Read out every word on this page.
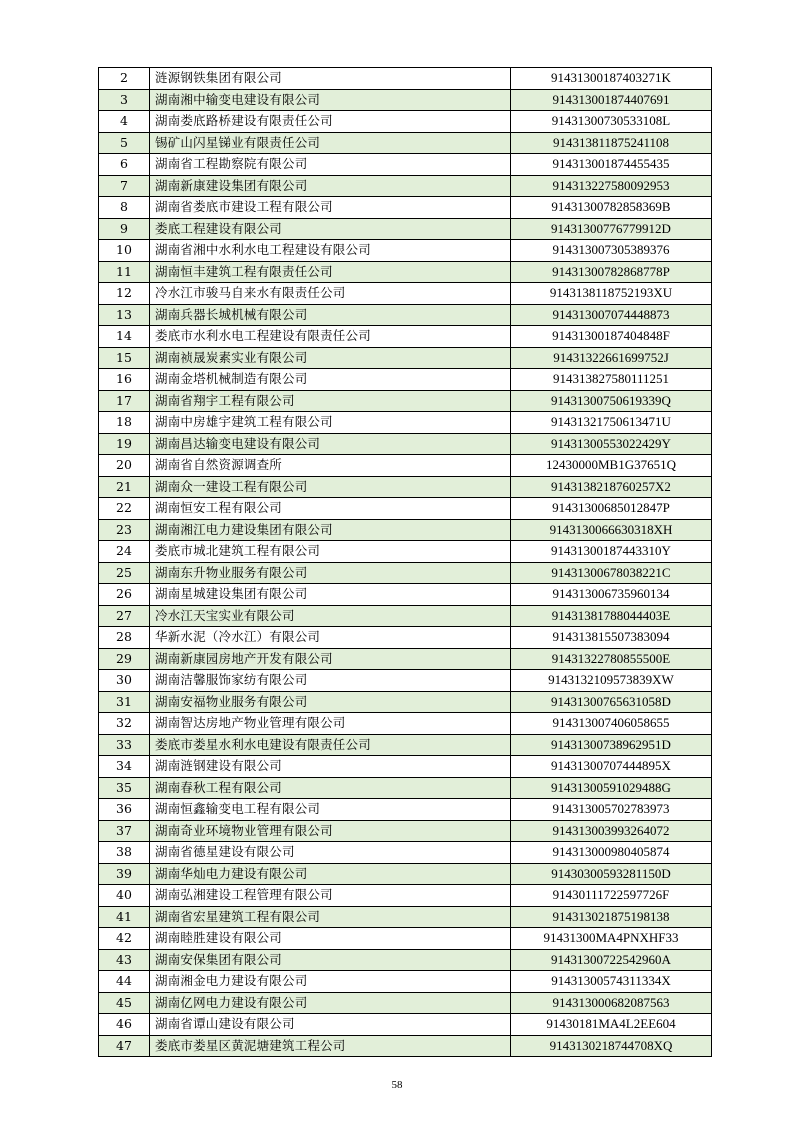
2	涟源钢铁集团有限公司	91431300187403271K
3	湖南湘中输变电建设有限公司	914313001874407691
4	湖南娄底路桥建设有限责任公司	91431300730533108L
5	锡矿山闪星锑业有限责任公司	914313811875241108
6	湖南省工程勘察院有限公司	914313001874455435
7	湖南新康建设集团有限公司	914313227580092953
8	湖南省娄底市建设工程有限公司	91431300782858369B
9	娄底工程建设有限公司	91431300776779912D
10	湖南省湘中水利水电工程建设有限公司	914313007305389376
11	湖南恒丰建筑工程有限责任公司	91431300782868778P
12	冷水江市骏马自来水有限责任公司	9143138118752193XU
13	湖南兵器长城机械有限公司	914313007074448873
14	娄底市水利水电工程建设有限责任公司	91431300187404848F
15	湖南祯晟炭素实业有限公司	91431322661699752J
16	湖南金塔机械制造有限公司	914313827580111251
17	湖南省翔宇工程有限公司	91431300750619339Q
18	湖南中房雄宇建筑工程有限公司	91431321750613471U
19	湖南昌达输变电建设有限公司	91431300553022429Y
20	湖南省自然资源调查所	12430000MB1G37651Q
21	湖南众一建设工程有限公司	9143138218760257X2
22	湖南恒安工程有限公司	91431300685012847P
23	湖南湘江电力建设集团有限公司	9143130066630318XH
24	娄底市城北建筑工程有限公司	91431300187443310Y
25	湖南东升物业服务有限公司	91431300678038221C
26	湖南星城建设集团有限公司	914313006735960134
27	冷水江天宝实业有限公司	91431381788044403E
28	华新水泥（冷水江）有限公司	914313815507383094
29	湖南新康园房地产开发有限公司	91431322780855500E
30	湖南洁馨服饰家纺有限公司	9143132109573839XW
31	湖南安福物业服务有限公司	91431300765631058D
32	湖南智达房地产物业管理有限公司	914313007406058655
33	娄底市娄星水利水电建设有限责任公司	91431300738962951D
34	湖南涟钢建设有限公司	91431300707444895X
35	湖南春秋工程有限公司	91431300591029488G
36	湖南恒鑫输变电工程有限公司	914313005702783973
37	湖南奇业环境物业管理有限公司	914313003993264072
38	湖南省德星建设有限公司	914313000980405874
39	湖南华灿电力建设有限公司	91430300593281150D
40	湖南弘湘建设工程管理有限公司	91430111722597726F
41	湖南省宏星建筑工程有限公司	914313021875198138
42	湖南睦胜建设有限公司	91431300MA4PNXHF33
43	湖南安保集团有限公司	91431300722542960A
44	湖南湘金电力建设有限公司	91431300574311334X
45	湖南亿网电力建设有限公司	914313000682087563
46	湖南省谭山建设有限公司	91430181MA4L2EE604
47	娄底市娄星区黄泥塘建筑工程公司	9143130218744708XQ
58
